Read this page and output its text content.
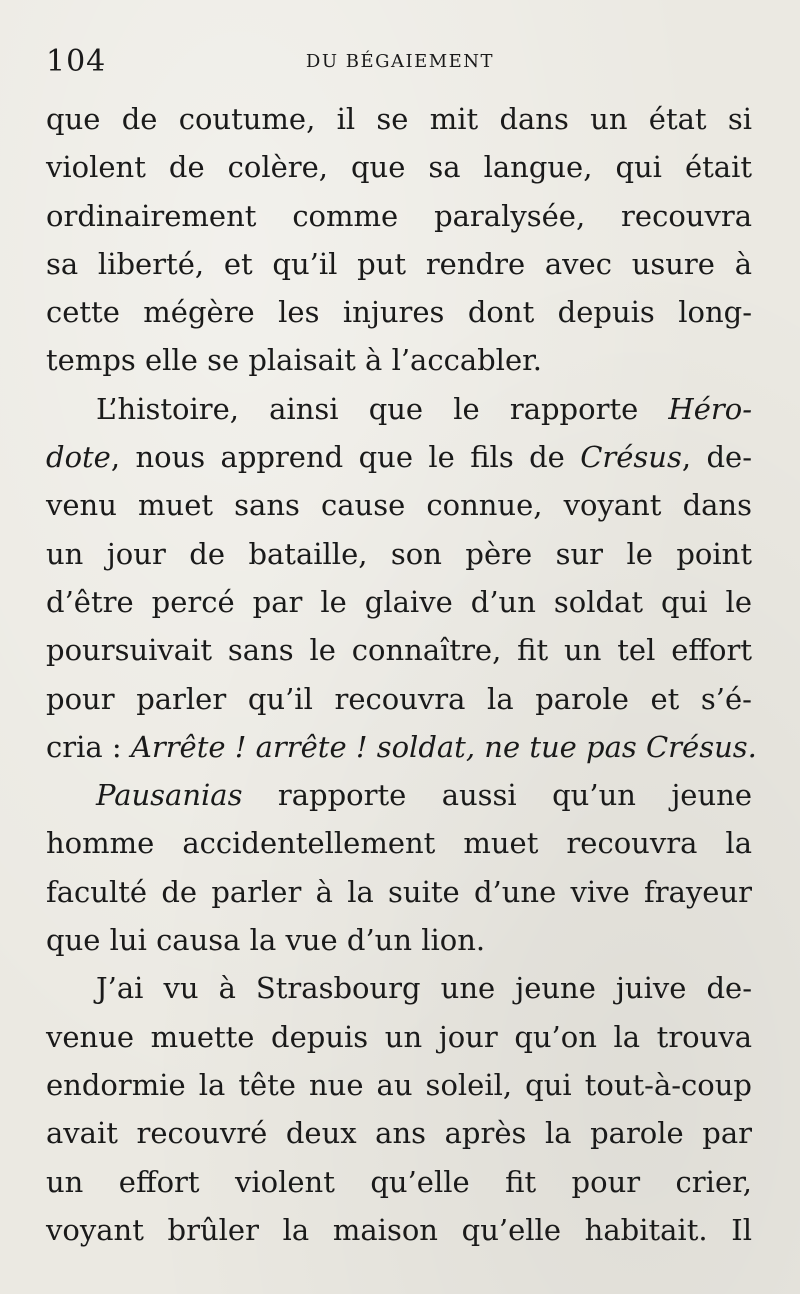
104	DU BÉGAIEMENT
que de coutume, il se mit dans un état si
violent de colère, que sa langue, qui était
ordinairement comme paralysée, recouvra
sa liberté, et qu’il put rendre avec usure à
cette mégère les injures dont depuis long-
temps elle se plaisait à l’accabler.
L’histoire, ainsi que le rapporte Héro-
dote, nous apprend que le fils de Crésus, de-
venu muet sans cause connue, voyant dans
un jour de bataille, son père sur le point
d’être percé par le glaive d’un soldat qui le
poursuivait sans le connaître, fit un tel effort
pour parler qu’il recouvra la parole et s’é-
cria : Arrête ! arrête ! soldat, ne tue pas Crésus.
Pausanias rapporte aussi qu’un jeune
homme accidentellement muet recouvra la
faculté de parler à la suite d’une vive frayeur
que lui causa la vue d’un lion.
J’ai vu à Strasbourg une jeune juive de-
venue muette depuis un jour qu’on la trouva
endormie la tête nue au soleil, qui tout-à-coup
avait recouvré deux ans après la parole par
un effort violent qu’elle fit pour crier,
voyant brûler la maison qu’elle habitait. Il
